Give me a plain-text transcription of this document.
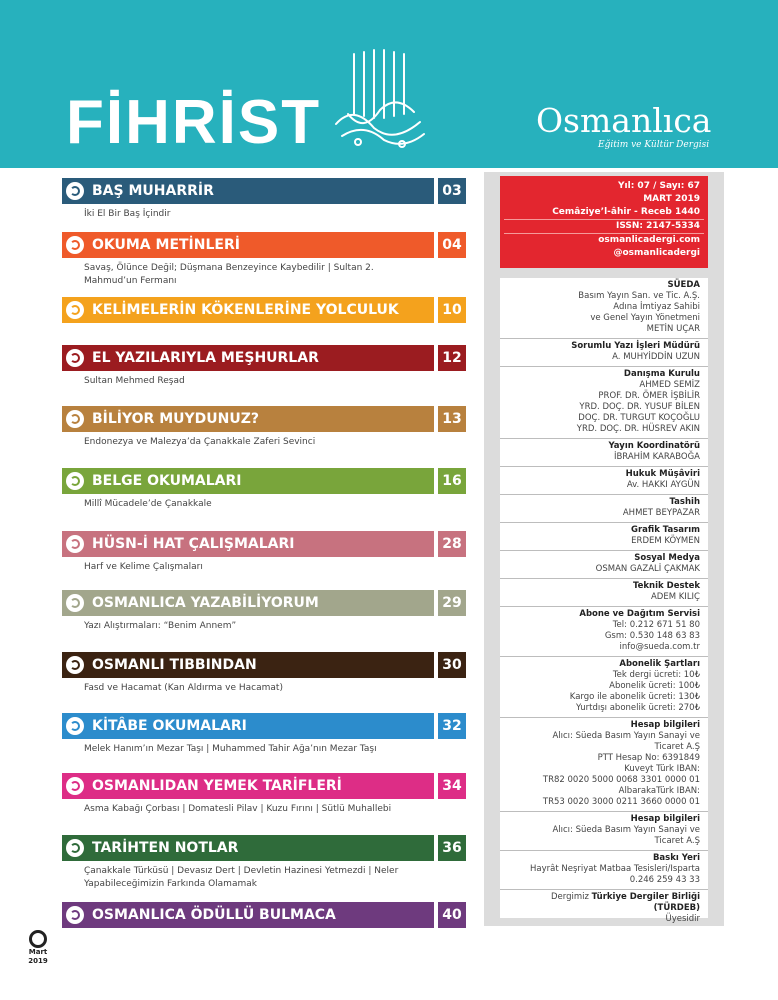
FİHRİST	Osmanlıca
Eğitim ve Kültür Dergisi
BAŞ MUHARRİR	03
İki El Bir Baş İçindir
OKUMA METİNLERİ	04
Savaş, Ölünce Değil; Düşmana Benzeyince Kaybedilir | Sultan 2. Mahmud’un Fermanı
KELİMELERİN KÖKENLERİNE YOLCULUK	10
EL YAZILARIYLA MEŞHURLAR	12
Sultan Mehmed Reşad
BİLİYOR MUYDUNUZ?	13
Endonezya ve Malezya’da Çanakkale Zaferi Sevinci
BELGE OKUMALARI	16
Millî Mücadele’de Çanakkale
HÜSN-İ HAT ÇALIŞMALARI	28
Harf ve Kelime Çalışmaları
OSMANLICA YAZABİLİYORUM	29
Yazı Alıştırmaları: “Benim Annem”
OSMANLI TIBBINDAN	30
Fasd ve Hacamat (Kan Aldırma ve Hacamat)
KİTÂBE OKUMALARI	32
Melek Hanım’ın Mezar Taşı | Muhammed Tahir Ağa’nın Mezar Taşı
OSMANLIDAN YEMEK TARİFLERİ	34
Asma Kabağı Çorbası | Domatesli Pilav | Kuzu Fırını | Sütlü Muhallebi
TARİHTEN NOTLAR	36
Çanakkale Türküsü | Devasız Dert | Devletin Hazinesi Yetmezdi | Neler Yapabileceğimizin Farkında Olamamak
OSMANLICA ÖDÜLLÜ BULMACA	40
Mart
2019
Yıl: 07 / Sayı: 67
MART 2019
Cemâziye’l-âhir - Receb 1440
ISSN: 2147-5334
osmanlicadergi.com
@osmanlicadergi
SÜEDA
Basım Yayın San. ve Tic. A.Ş.
Adına İmtiyaz Sahibi
ve Genel Yayın Yönetmeni
METİN UÇAR
Sorumlu Yazı İşleri Müdürü
A. MUHYİDDİN UZUN
Danışma Kurulu
AHMED SEMİZ
PROF. DR. ÖMER İŞBİLİR
YRD. DOÇ. DR. YUSUF BİLEN
DOÇ. DR. TURGUT KOÇOĞLU
YRD. DOÇ. DR. HÜSREV AKIN
Yayın Koordinatörü
İBRAHİM KARABOĞA
Hukuk Müşâviri
Av. HAKKI AYGÜN
Tashih
AHMET BEYPAZAR
Grafik Tasarım
ERDEM KÖYMEN
Sosyal Medya
OSMAN GAZALİ ÇAKMAK
Teknik Destek
ADEM KILIÇ
Abone ve Dağıtım Servisi
Tel: 0.212 671 51 80
Gsm: 0.530 148 63 83
info@sueda.com.tr
Abonelik Şartları
Tek dergi ücreti: 10₺
Abonelik ücreti: 100₺
Kargo ile abonelik ücreti: 130₺
Yurtdışı abonelik ücreti: 270₺
Hesap bilgileri
Alıcı: Süeda Basım Yayın Sanayi ve
Ticaret A.Ş
PTT Hesap No: 6391849
Kuveyt Türk IBAN:
TR82 0020 5000 0068 3301 0000 01
AlbarakaTürk IBAN:
TR53 0020 3000 0211 3660 0000 01
Hesap bilgileri
Alıcı: Süeda Basım Yayın Sanayi ve
Ticaret A.Ş
Baskı Yeri
Hayrât Neşriyat Matbaa Tesisleri/Isparta
0.246 259 43 33
Dergimiz Türkiye Dergiler Birliği (TÜRDEB)
Üyesidir
